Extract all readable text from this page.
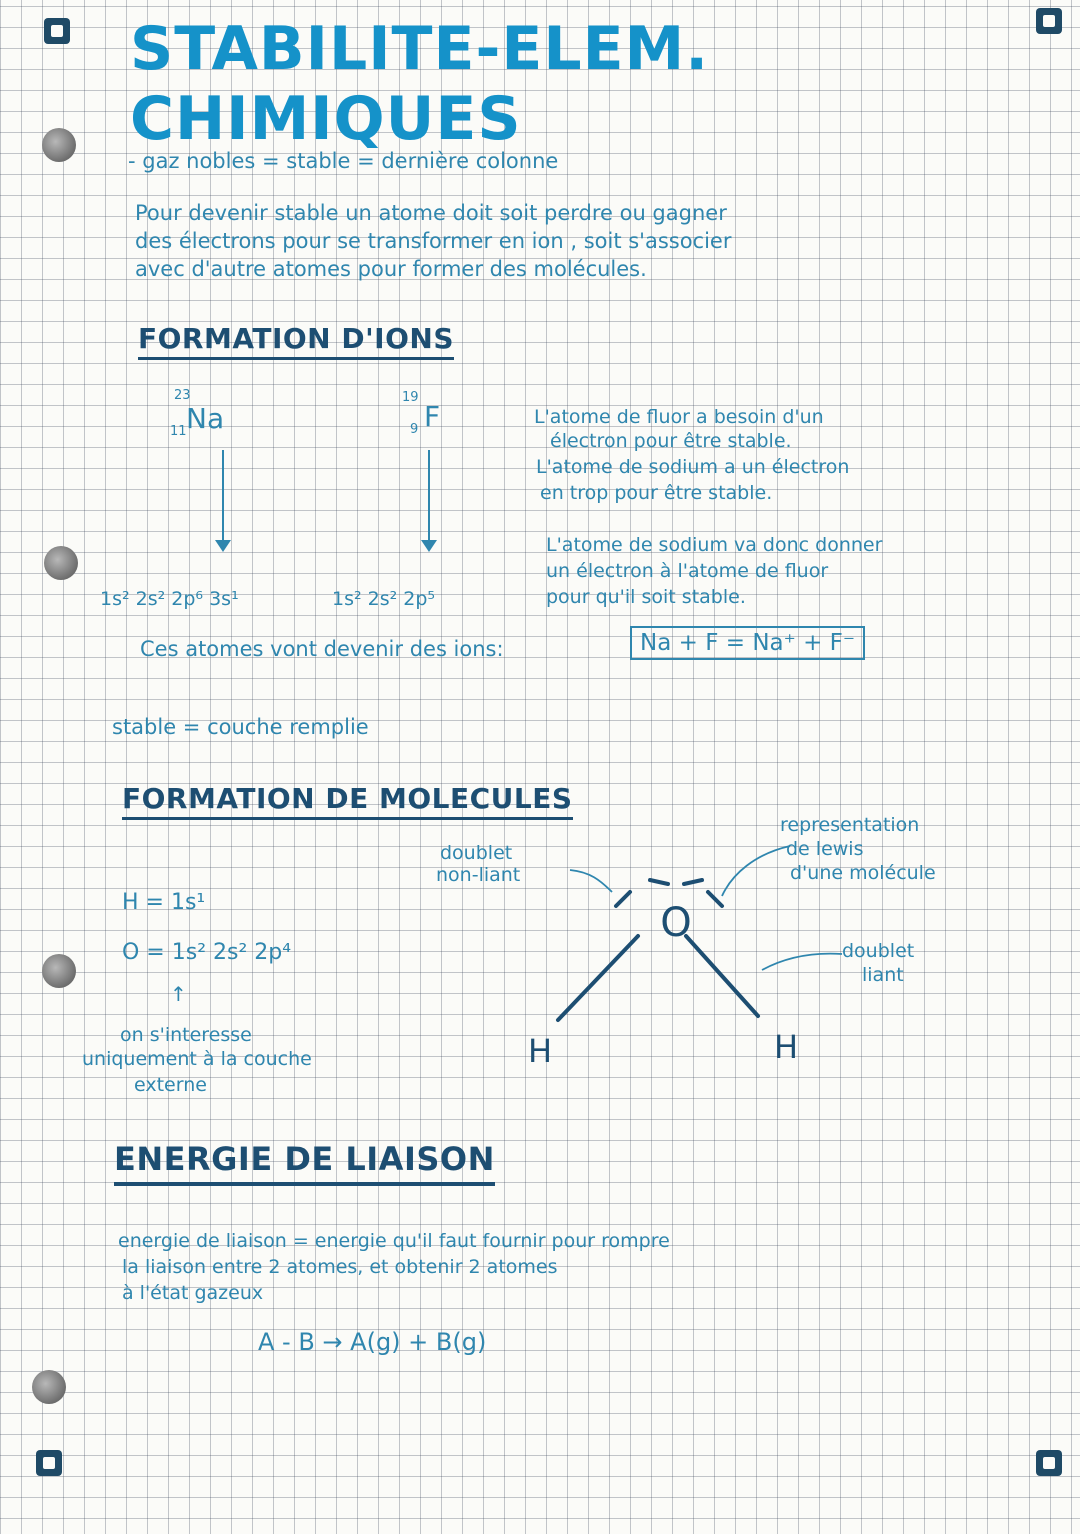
STABILITE-ELEM. CHIMIQUES
- gaz nobles = stable = dernière colonne
Pour devenir stable un atome doit soit perdre ou gagner
des électrons pour se transformer en ion , soit s'associer
avec d'autre atomes pour former des molécules.
FORMATION D'IONS
23
11 Na
1s² 2s² 2p⁶ 3s¹
19
9 F
1s² 2s² 2p⁵
L'atome de fluor a besoin d'un
électron pour être stable.
L'atome de sodium a un électron
en trop pour être stable.
L'atome de sodium va donc donner
un électron à l'atome de fluor
pour qu'il soit stable.
Ces atomes vont devenir des ions:	Na + F = Na⁺ + F⁻
stable = couche remplie
FORMATION DE MOLECULES
H = 1s¹
O = 1s² 2s² 2p⁴
↑
on s'interesse
uniquement à la couche
externe
doublet
non-liant
representation
de lewis
d'une molécule
doublet
liant
O
H	H
ENERGIE DE LIAISON
energie de liaison = energie qu'il faut fournir pour rompre
la liaison entre 2 atomes, et obtenir 2 atomes
à l'état gazeux
A - B → A(g) + B(g)
